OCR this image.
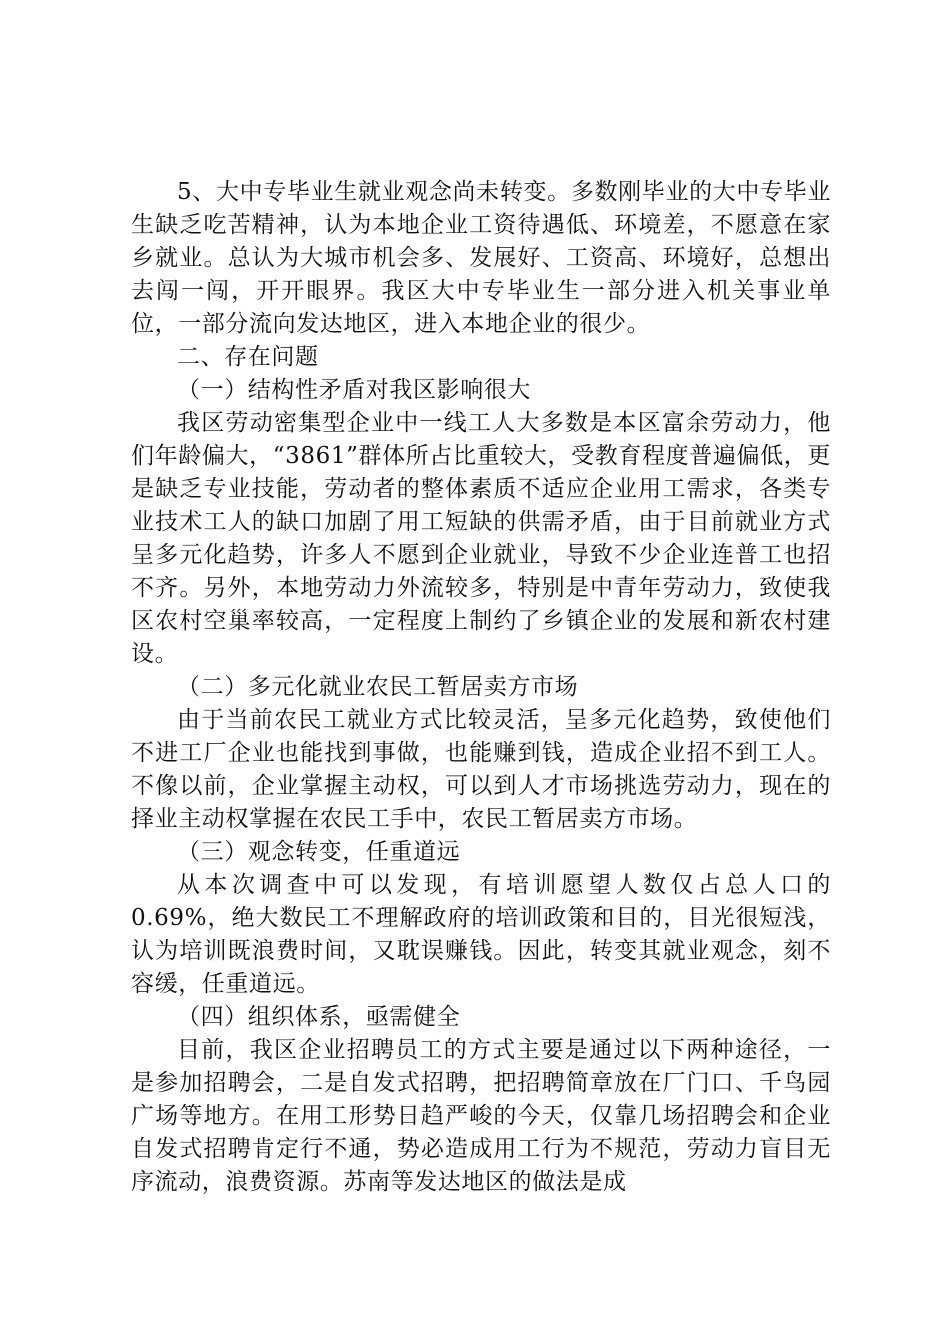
5、大中专毕业生就业观念尚未转变。多数刚毕业的大中专毕业生缺乏吃苦精神，认为本地企业工资待遇低、环境差，不愿意在家乡就业。总认为大城市机会多、发展好、工资高、环境好，总想出去闯一闯，开开眼界。我区大中专毕业生一部分进入机关事业单位，一部分流向发达地区，进入本地企业的很少。

二、存在问题

（一）结构性矛盾对我区影响很大

我区劳动密集型企业中一线工人大多数是本区富余劳动力，他们年龄偏大，“3861”群体所占比重较大，受教育程度普遍偏低，更是缺乏专业技能，劳动者的整体素质不适应企业用工需求，各类专业技术工人的缺口加剧了用工短缺的供需矛盾，由于目前就业方式呈多元化趋势，许多人不愿到企业就业，导致不少企业连普工也招不齐。另外，本地劳动力外流较多，特别是中青年劳动力，致使我区农村空巢率较高，一定程度上制约了乡镇企业的发展和新农村建设。

（二）多元化就业农民工暂居卖方市场

由于当前农民工就业方式比较灵活，呈多元化趋势，致使他们不进工厂企业也能找到事做，也能赚到钱，造成企业招不到工人。不像以前，企业掌握主动权，可以到人才市场挑选劳动力，现在的择业主动权掌握在农民工手中，农民工暂居卖方市场。

（三）观念转变，任重道远

从本次调查中可以发现，有培训愿望人数仅占总人口的0.69%，绝大数民工不理解政府的培训政策和目的，目光很短浅，认为培训既浪费时间，又耽误赚钱。因此，转变其就业观念，刻不容缓，任重道远。

（四）组织体系，亟需健全

目前，我区企业招聘员工的方式主要是通过以下两种途径，一是参加招聘会，二是自发式招聘，把招聘简章放在厂门口、千鸟园广场等地方。在用工形势日趋严峻的今天，仅靠几场招聘会和企业自发式招聘肯定行不通，势必造成用工行为不规范，劳动力盲目无序流动，浪费资源。苏南等发达地区的做法是成
